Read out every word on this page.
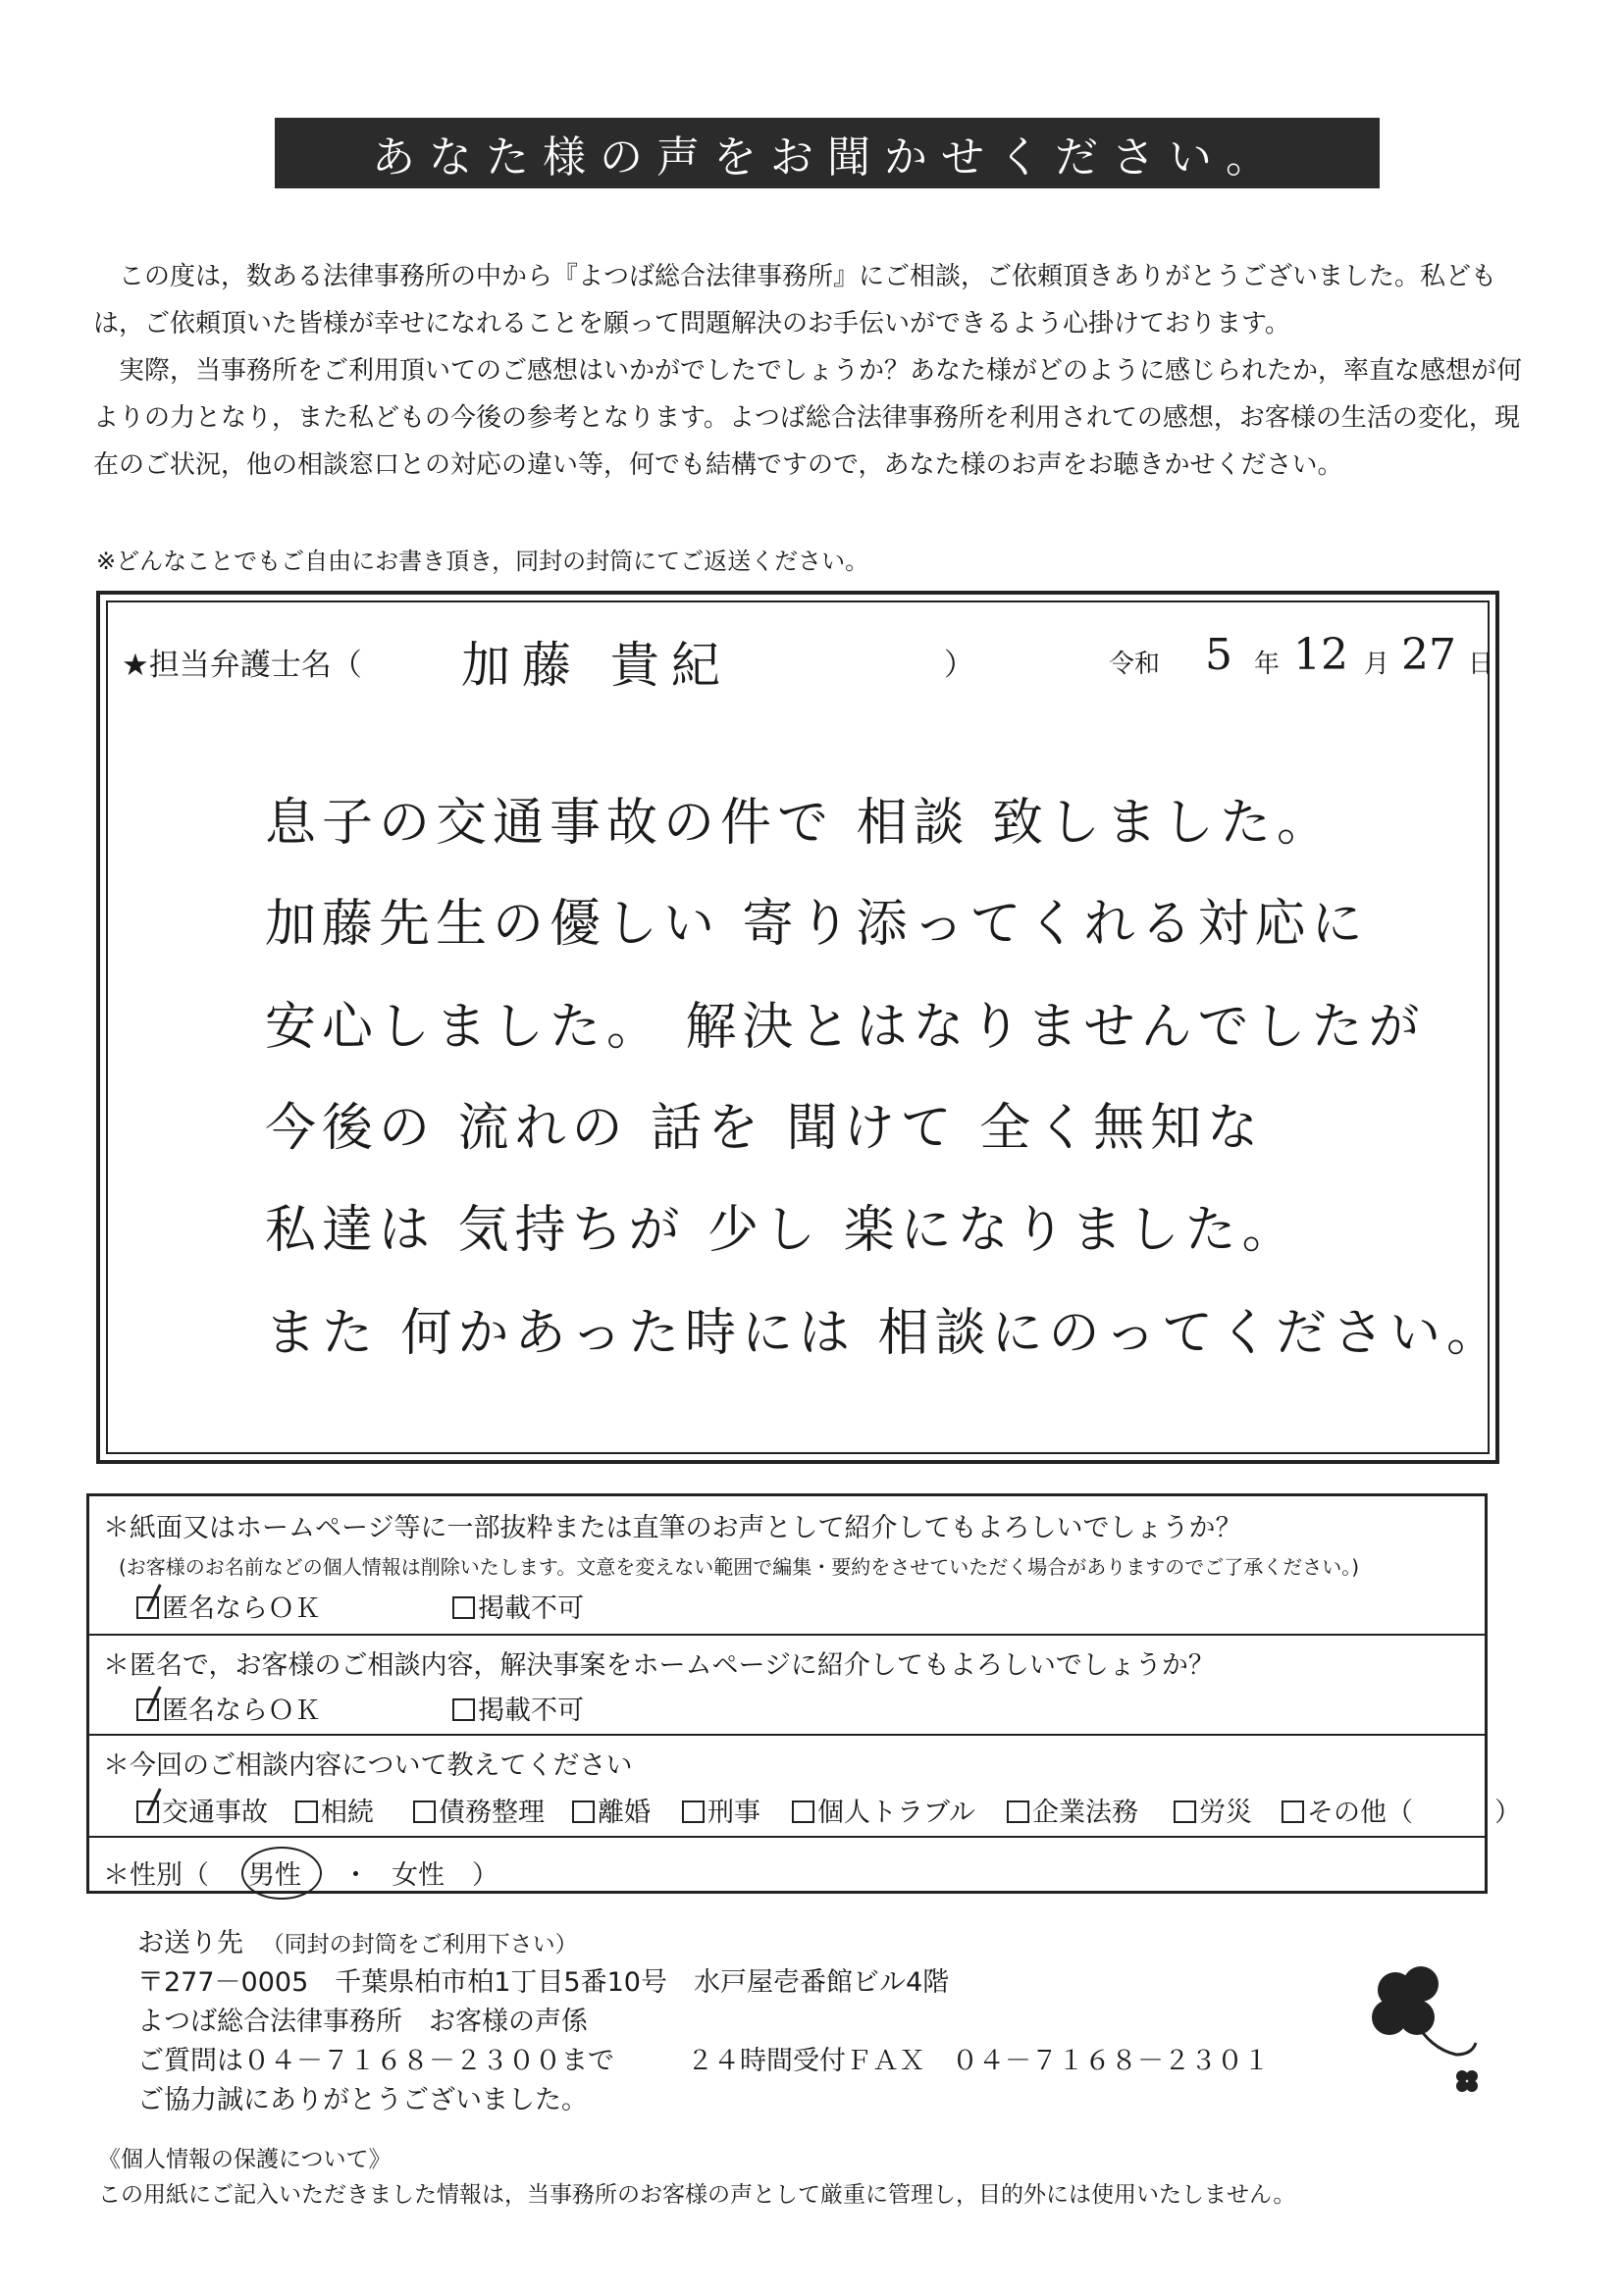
あなた様の声をお聞かせください。

この度は，数ある法律事務所の中から『よつば総合法律事務所』にご相談，ご依頼頂きありがとうございました。私どもは，ご依頼頂いた皆様が幸せになれることを願って問題解決のお手伝いができるよう心掛けております。

実際，当事務所をご利用頂いてのご感想はいかがでしたでしょうか？あなた様がどのように感じられたか，率直な感想が何よりの力となり，また私どもの今後の参考となります。よつば総合法律事務所を利用されての感想，お客様の生活の変化，現在のご状況，他の相談窓口との対応の違い等，何でも結構ですので，あなた様のお声をお聴きかせください。

※どんなことでもご自由にお書き頂き，同封の封筒にてご返送ください。
★担当弁護士名（ 加藤 貴紀	）	令和 5 年 12 月 27 日
息子の交通事故の件で 相談 致しました。
加藤先生の優しい 寄り添ってくれる対応に
安心しました。 解決とはなりませんでしたが
今後の 流れの 話を 聞けて 全く無知な
私達は 気持ちが 少し 楽になりました。
また 何かあった時には 相談にのってください。
＊紙面又はホームページ等に一部抜粋または直筆のお声として紹介してもよろしいでしょうか？
(お客様のお名前などの個人情報は削除いたします。文意を変えない範囲で編集・要約をさせていただく場合がありますのでご了承ください。)
匿名ならＯＫ	掲載不可
＊匿名で，お客様のご相談内容，解決事案をホームページに紹介してもよろしいでしょうか？
匿名ならＯＫ	掲載不可
＊今回のご相談内容について教えてください
交通事故	相続	債務整理	離婚	刑事	個人トラブル	企業法務	労災	その他（	）
＊性別（ 男性 ・ 女性 ）
お送り先 （同封の封筒をご利用下さい）
〒277－0005　千葉県柏市柏1丁目5番10号　水戸屋壱番館ビル4階
よつば総合法律事務所　お客様の声係
ご質問は０４－７１６８－２３００まで	２４時間受付ＦＡＸ　０４－７１６８－２３０１
ご協力誠にありがとうございました。
《個人情報の保護について》
この用紙にご記入いただきました情報は，当事務所のお客様の声として厳重に管理し，目的外には使用いたしません。
